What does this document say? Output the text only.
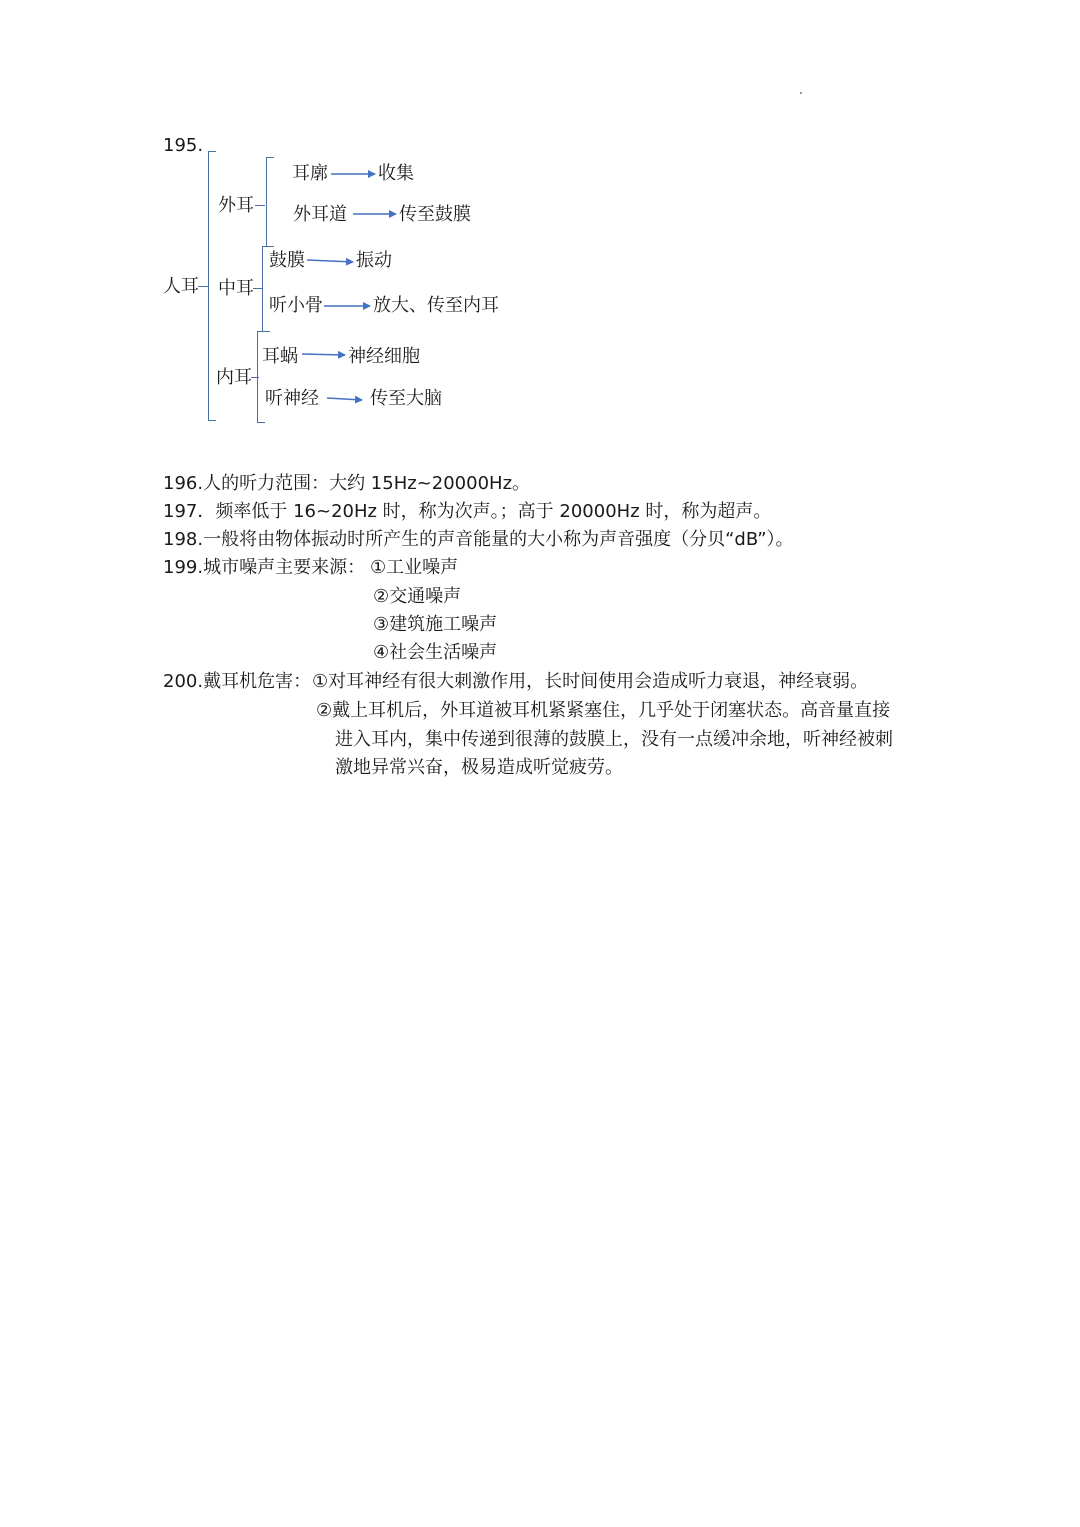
195.
人耳
外耳
耳廓	收集
外耳道	传至鼓膜
中耳
鼓膜	振动
听小骨	放大、传至内耳
内耳
耳蜗	神经细胞
听神经	传至大脑
196.人的听力范围：大约 15Hz~20000Hz。
197．频率低于 16~20Hz 时，称为次声。；高于 20000Hz 时，称为超声。
198.一般将由物体振动时所产生的声音能量的大小称为声音强度（分贝“dB”）。
199.城市噪声主要来源： ①工业噪声
②交通噪声
③建筑施工噪声
④社会生活噪声
200.戴耳机危害： ①对耳神经有很大刺激作用，长时间使用会造成听力衰退，神经衰弱。
②戴上耳机后，外耳道被耳机紧紧塞住，几乎处于闭塞状态。高音量直接
进入耳内，集中传递到很薄的鼓膜上，没有一点缓冲余地，听神经被刺
激地异常兴奋，极易造成听觉疲劳。
